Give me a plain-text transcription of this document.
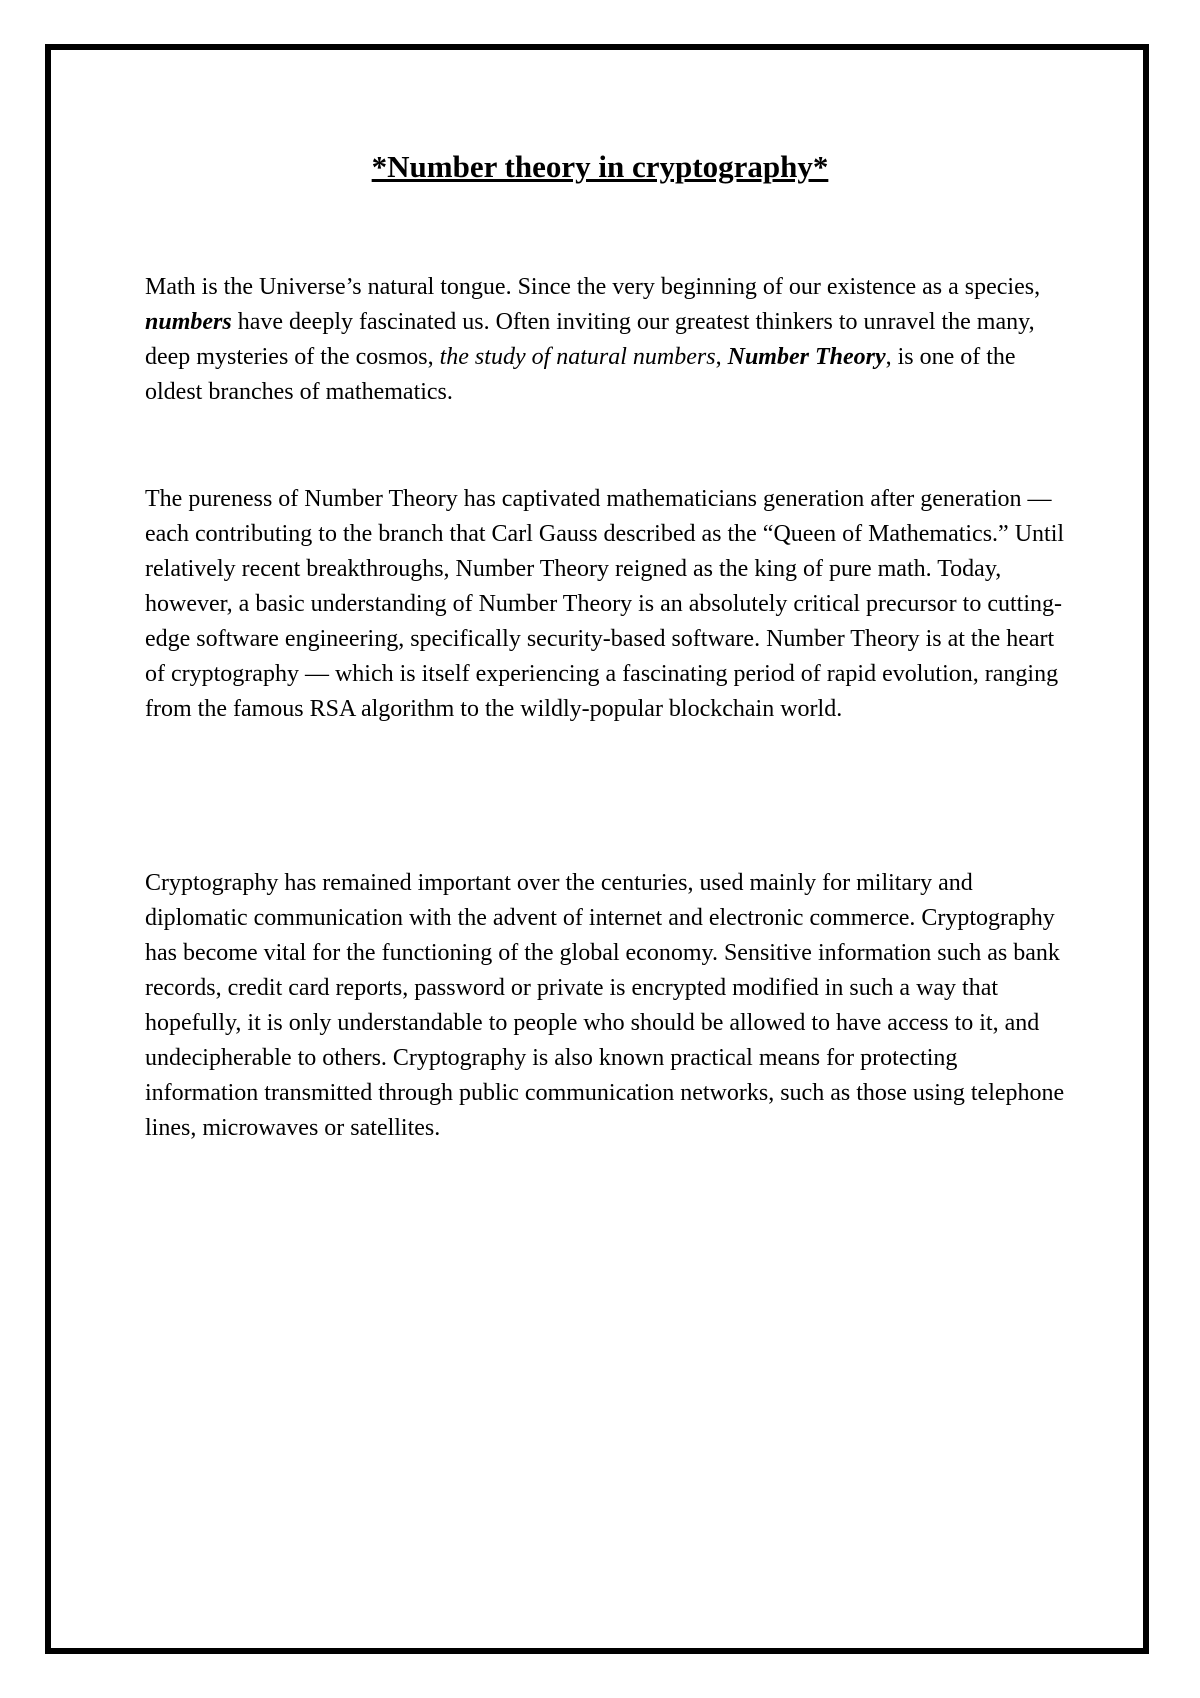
*Number theory in cryptography*

Math is the Universe’s natural tongue. Since the very beginning of our existence as a species, numbers have deeply fascinated us. Often inviting our greatest thinkers to unravel the many, deep mysteries of the cosmos, the study of natural numbers, Number Theory, is one of the oldest branches of mathematics.

The pureness of Number Theory has captivated mathematicians generation after generation — each contributing to the branch that Carl Gauss described as the “Queen of Mathematics.” Until relatively recent breakthroughs, Number Theory reigned as the king of pure math. Today, however, a basic understanding of Number Theory is an absolutely critical precursor to cutting-edge software engineering, specifically security-based software. Number Theory is at the heart of cryptography — which is itself experiencing a fascinating period of rapid evolution, ranging from the famous RSA algorithm to the wildly-popular blockchain world.

Cryptography has remained important over the centuries, used mainly for military and diplomatic communication with the advent of internet and electronic commerce. Cryptography has become vital for the functioning of the global economy. Sensitive information such as bank records, credit card reports, password or private is encrypted modified in such a way that hopefully, it is only understandable to people who should be allowed to have access to it, and undecipherable to others. Cryptography is also known practical means for protecting information transmitted through public communication networks, such as those using telephone lines, microwaves or satellites.
